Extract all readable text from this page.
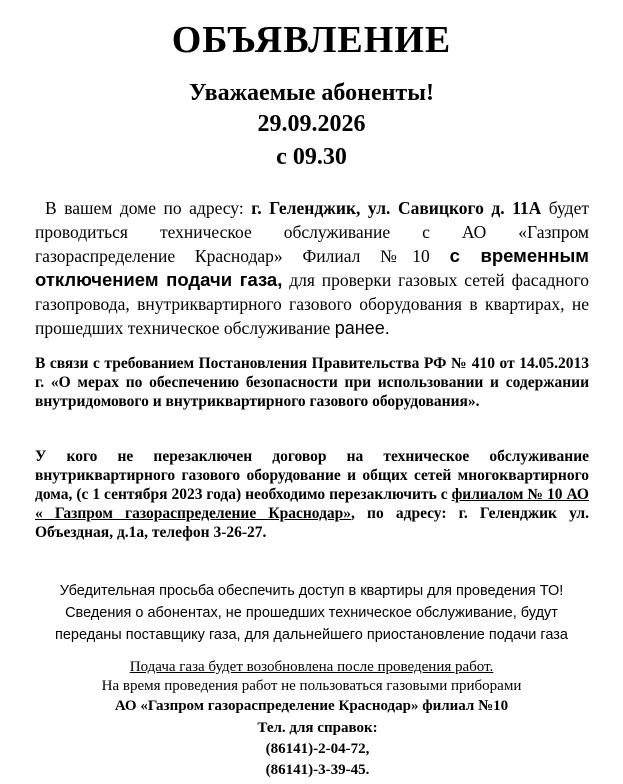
ОБЪЯВЛЕНИЕ
Уважаемые абоненты!
29.09.2026
с 09.30
В вашем доме по адресу: г. Геленджик, ул. Савицкого д. 11А будет проводиться техническое обслуживание с АО «Газпром газораспределение Краснодар» Филиал №10 с временным отключением подачи газа, для проверки газовых сетей фасадного газопровода, внутриквартирного газового оборудования в квартирах, не прошедших техническое обслуживание ранее.
В связи с требованием Постановления Правительства РФ № 410 от 14.05.2013 г. «О мерах по обеспечению безопасности при использовании и содержании внутридомового и внутриквартирного газового оборудования».
У кого не перезаключен договор на техническое обслуживание внутриквартирного газового оборудование и общих сетей многоквартирного дома, (с 1 сентября 2023 года) необходимо перезаключить с филиалом № 10 АО « Газпром газораспределение Краснодар», по адресу: г. Геленджик ул. Объездная, д.1а, телефон 3-26-27.
Убедительная просьба обеспечить доступ в квартиры для проведения ТО!
Сведения о абонентах, не прошедших техническое обслуживание, будут
переданы поставщику газа, для дальнейшего приостановление подачи газа
Подача газа будет возобновлена после проведения работ.
На время проведения работ не пользоваться газовыми приборами
АО «Газпром газораспределение Краснодар» филиал №10
Тел. для справок:
(86141)-2-04-72,
(86141)-3-39-45.
